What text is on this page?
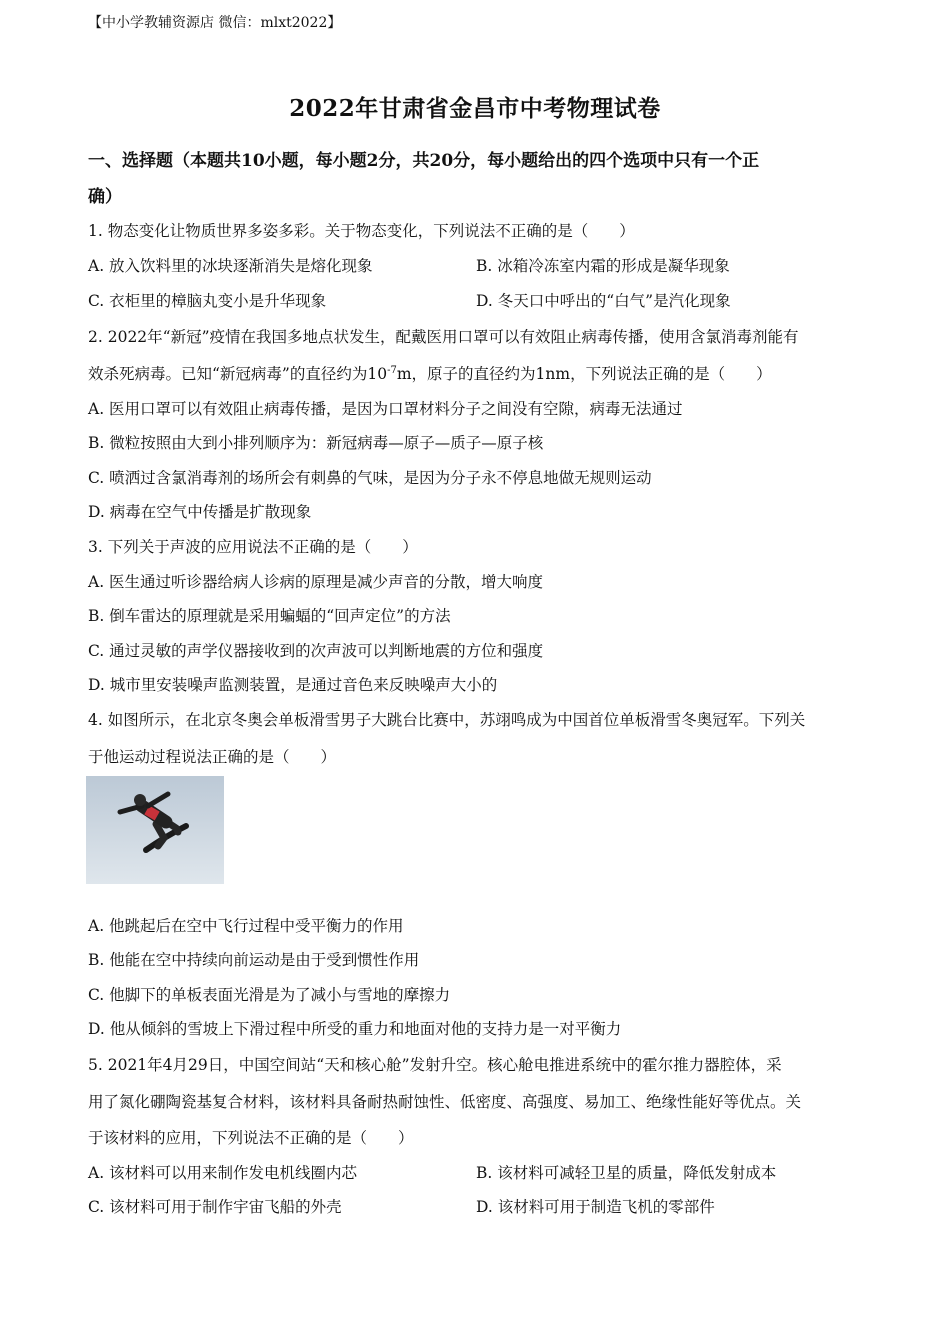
【中小学教辅资源店 微信：mlxt2022】
2022年甘肃省金昌市中考物理试卷
一、选择题（本题共10小题，每小题2分，共20分，每小题给出的四个选项中只有一个正
确）
1. 物态变化让物质世界多姿多彩。关于物态变化，下列说法不正确的是（　　）
A. 放入饮料里的冰块逐渐消失是熔化现象	B. 冰箱冷冻室内霜的形成是凝华现象
C. 衣柜里的樟脑丸变小是升华现象	D. 冬天口中呼出的“白气”是汽化现象
2. 2022年“新冠”疫情在我国多地点状发生，配戴医用口罩可以有效阻止病毒传播，使用含氯消毒剂能有
效杀死病毒。已知“新冠病毒”的直径约为$10^{-7}m$，原子的直径约为1nm，下列说法正确的是（　　）
A. 医用口罩可以有效阻止病毒传播，是因为口罩材料分子之间没有空隙，病毒无法通过
B. 微粒按照由大到小排列顺序为：新冠病毒—原子—质子—原子核
C. 喷洒过含氯消毒剂的场所会有刺鼻的气味，是因为分子永不停息地做无规则运动
D. 病毒在空气中传播是扩散现象
3. 下列关于声波的应用说法不正确的是（　　）
A. 医生通过听诊器给病人诊病的原理是减少声音的分散，增大响度
B. 倒车雷达的原理就是采用蝙蝠的“回声定位”的方法
C. 通过灵敏的声学仪器接收到的次声波可以判断地震的方位和强度
D. 城市里安装噪声监测装置，是通过音色来反映噪声大小的
4. 如图所示，在北京冬奥会单板滑雪男子大跳台比赛中，苏翊鸣成为中国首位单板滑雪冬奥冠军。下列关
于他运动过程说法正确的是（　　）
A. 他跳起后在空中飞行过程中受平衡力的作用
B. 他能在空中持续向前运动是由于受到惯性作用
C. 他脚下的单板表面光滑是为了减小与雪地的摩擦力
D. 他从倾斜的雪坡上下滑过程中所受的重力和地面对他的支持力是一对平衡力
5. 2021年4月29日，中国空间站“天和核心舱”发射升空。核心舱电推进系统中的霍尔推力器腔体，采
用了氮化硼陶瓷基复合材料，该材料具备耐热耐蚀性、低密度、高强度、易加工、绝缘性能好等优点。关
于该材料的应用，下列说法不正确的是（　　）
A. 该材料可以用来制作发电机线圈内芯	B. 该材料可减轻卫星的质量，降低发射成本
C. 该材料可用于制作宇宙飞船的外壳	D. 该材料可用于制造飞机的零部件
